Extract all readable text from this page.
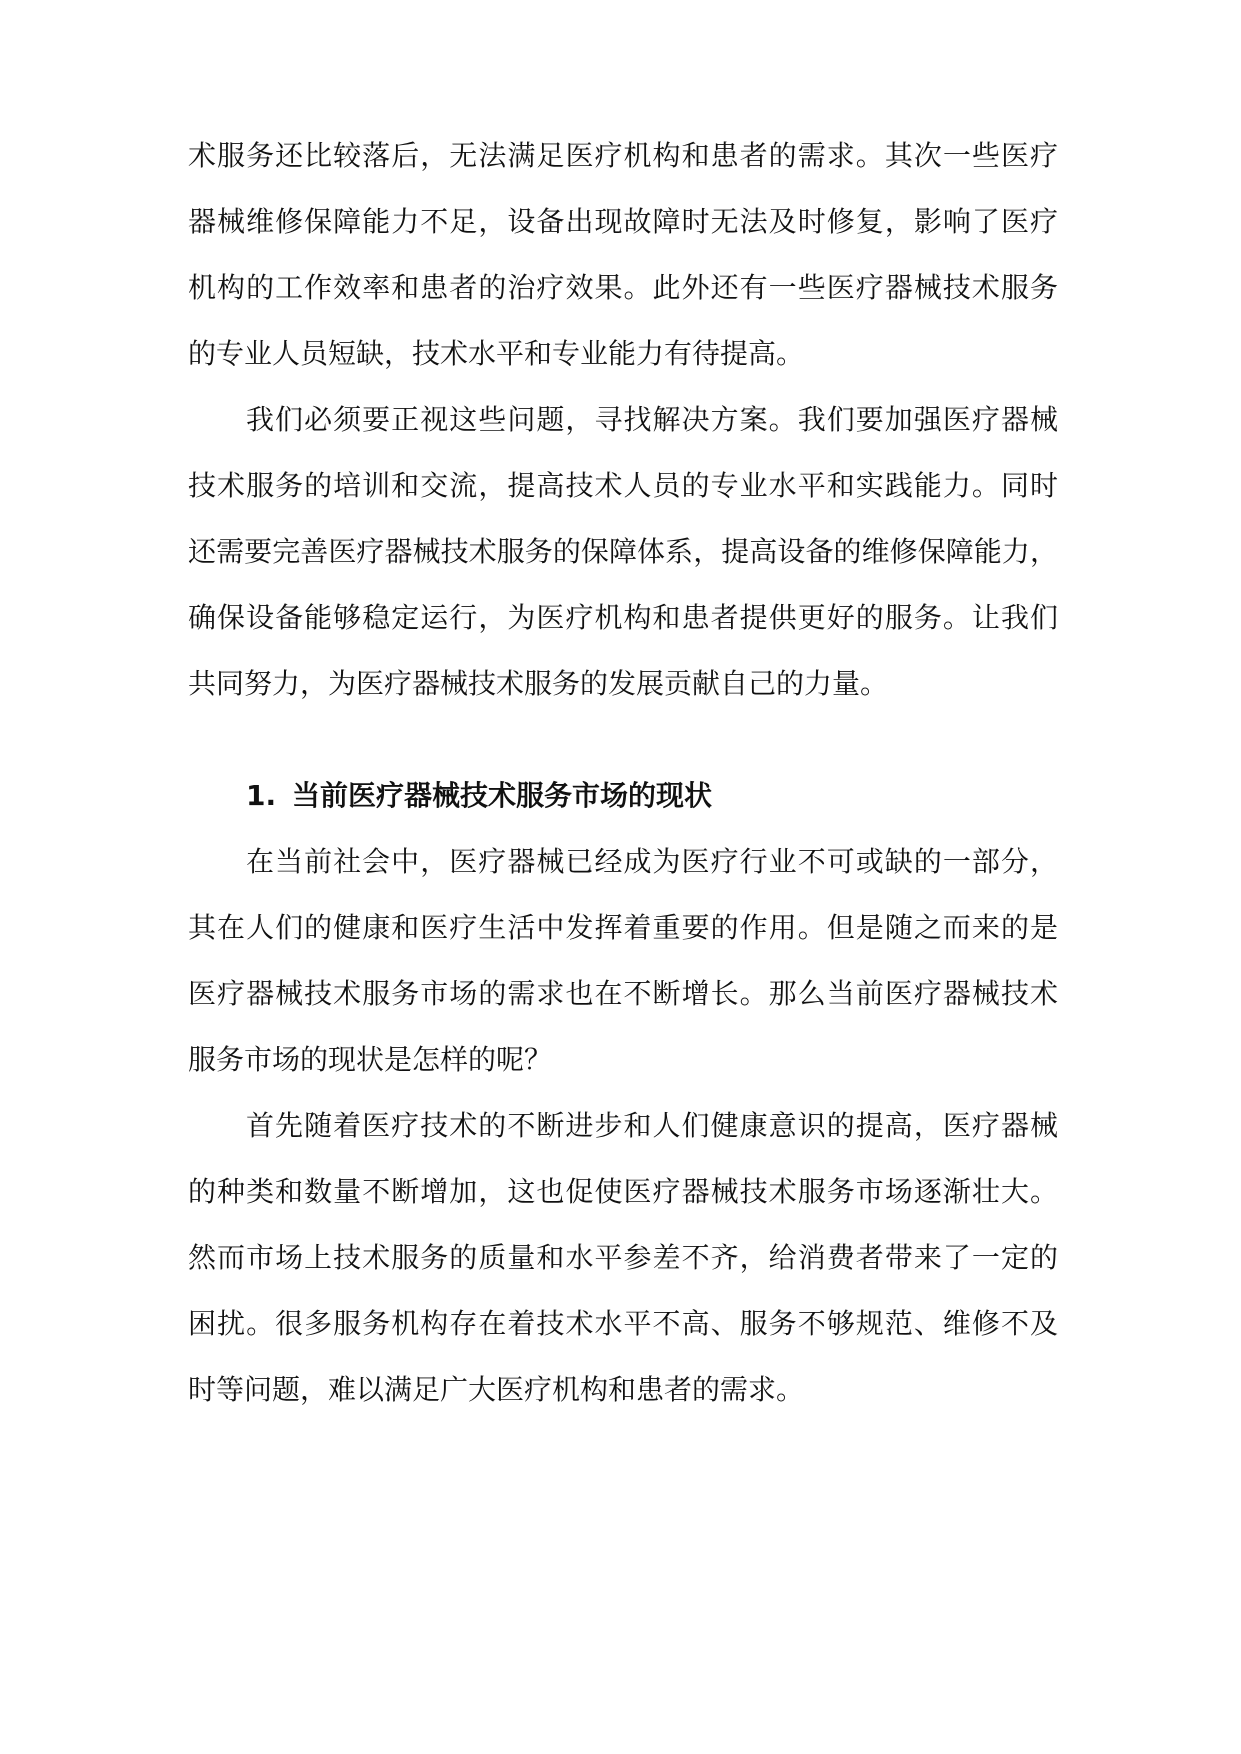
术服务还比较落后，无法满足医疗机构和患者的需求。其次一些医疗
器械维修保障能力不足，设备出现故障时无法及时修复，影响了医疗
机构的工作效率和患者的治疗效果。此外还有一些医疗器械技术服务
的专业人员短缺，技术水平和专业能力有待提高。
我们必须要正视这些问题，寻找解决方案。我们要加强医疗器械
技术服务的培训和交流，提高技术人员的专业水平和实践能力。同时
还需要完善医疗器械技术服务的保障体系，提高设备的维修保障能力，
确保设备能够稳定运行，为医疗机构和患者提供更好的服务。让我们
共同努力，为医疗器械技术服务的发展贡献自己的力量。
1. 当前医疗器械技术服务市场的现状
在当前社会中，医疗器械已经成为医疗行业不可或缺的一部分，
其在人们的健康和医疗生活中发挥着重要的作用。但是随之而来的是
医疗器械技术服务市场的需求也在不断增长。那么当前医疗器械技术
服务市场的现状是怎样的呢？
首先随着医疗技术的不断进步和人们健康意识的提高，医疗器械
的种类和数量不断增加，这也促使医疗器械技术服务市场逐渐壮大。
然而市场上技术服务的质量和水平参差不齐，给消费者带来了一定的
困扰。很多服务机构存在着技术水平不高、服务不够规范、维修不及
时等问题，难以满足广大医疗机构和患者的需求。
